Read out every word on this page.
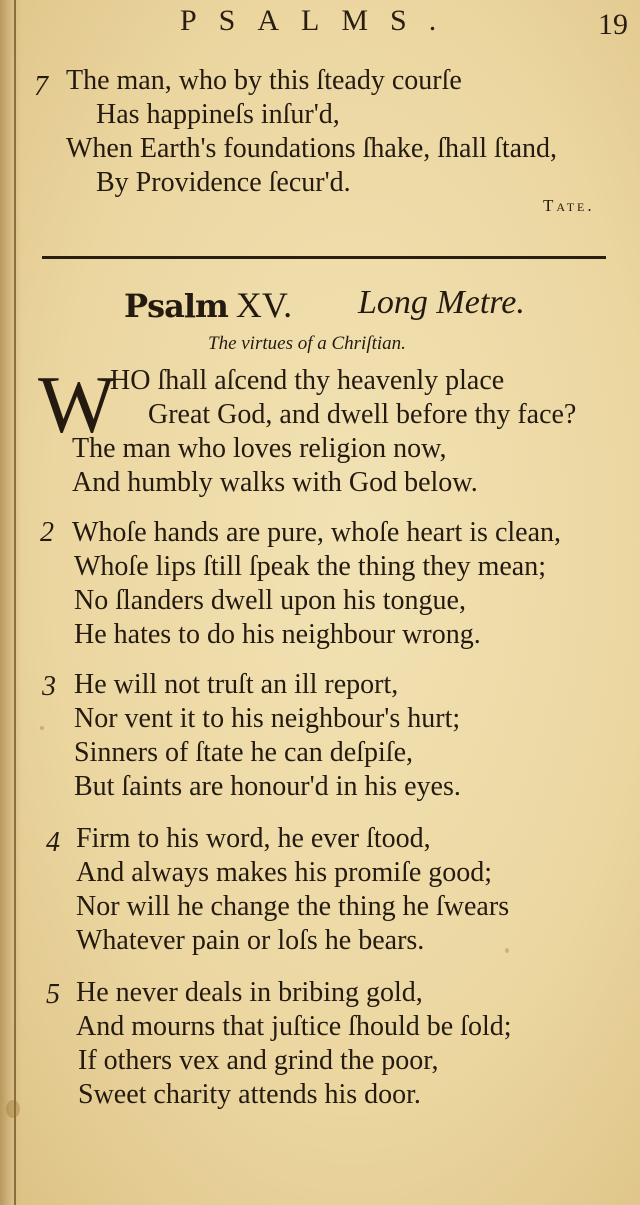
PSALMS.	19
7 The man, who by this ſteady courſe
Has happineſs inſur'd,
When Earth's foundations ſhake, ſhall ſtand,
By Providence ſecur'd.
Tate.
Psalm XV. Long Metre.
The virtues of a Chriſtian.
W
HO ſhall aſcend thy heavenly place
Great God, and dwell before thy face?
The man who loves religion now,
And humbly walks with God below.
2 Whoſe hands are pure, whoſe heart is clean,
Whoſe lips ſtill ſpeak the thing they mean;
No ſlanders dwell upon his tongue,
He hates to do his neighbour wrong.
3 He will not truſt an ill report,
Nor vent it to his neighbour's hurt;
Sinners of ſtate he can deſpiſe,
But ſaints are honour'd in his eyes.
4 Firm to his word, he ever ſtood,
And always makes his promiſe good;
Nor will he change the thing he ſwears
Whatever pain or loſs he bears.
5 He never deals in bribing gold,
And mourns that juſtice ſhould be ſold;
If others vex and grind the poor,
Sweet charity attends his door.
